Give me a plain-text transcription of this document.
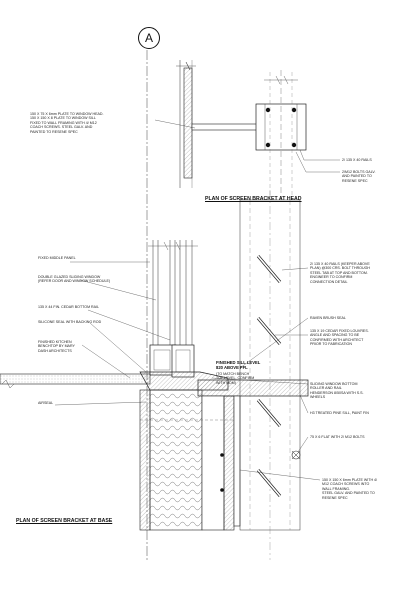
A
150 X 75 X 6mm PLATE TO WINDOW HEAD.
150 X 150 X 8 PLATE TO WINDOW SILL
FIXED TO WALL FRAMING WITH 4/ M12
COACH SCREWS. STEEL GALV. AND
PAINTED TO RESENE SPEC
2/ 135 X 40 RAILS
2/M12 BOLTS GALV.
AND PAINTED TO
RESENE SPEC
PLAN OF SCREEN BRACKET AT HEAD
FIXED MIDDLE PANEL
DOUBLE GLAZED SLIDING WINDOW
(REFER DOOR AND WINDOW SCHEDULE)
135 X 44 FIN. CEDAR BOTTOM RAIL
SILICONE SEAL WITH BACKING ROD
FINISHED KITCHEN
BENCHTOP BY MARY
DASH ARCHITECTS
AIRSEAL
FINISHED SILL LEVEL
820 ABOVE FFL
(TO MATCH BENCH
TOP LEVEL. CONFIRM
WITH MDM)
2/ 135 X 40 RAILS (KEEPER ABOVE
PLAN) @300 CRS. BOLT THROUGH
STEEL TAB AT TOP AND BOTTOM.
ENGINEER TO CONFIRM
CONNECTION DETAIL
RAVEN BRUSH SEAL
135 X 19 CEDAR FIXED LOUVRES.
ANGLE AND SPACING TO BE
CONFIRMED WITH ARCHITECT
PRIOR TO FABRICATION
SLIDING WINDOW BOTTOM
ROLLER AND RAIL
HENDERSON 8/50SA WITH S.S.
WHEELS
H3 TREATED PINE SILL, PAINT FIN
75 X 6 FLAT WITH 2/ M12 BOLTS
150 X 150 X 6mm PLATE WITH 4/
M12 COACH SCREWS INTO
WALL FRAMING.
STEEL GALV. AND PAINTED TO
RESENE SPEC
PLAN OF SCREEN BRACKET AT BASE
